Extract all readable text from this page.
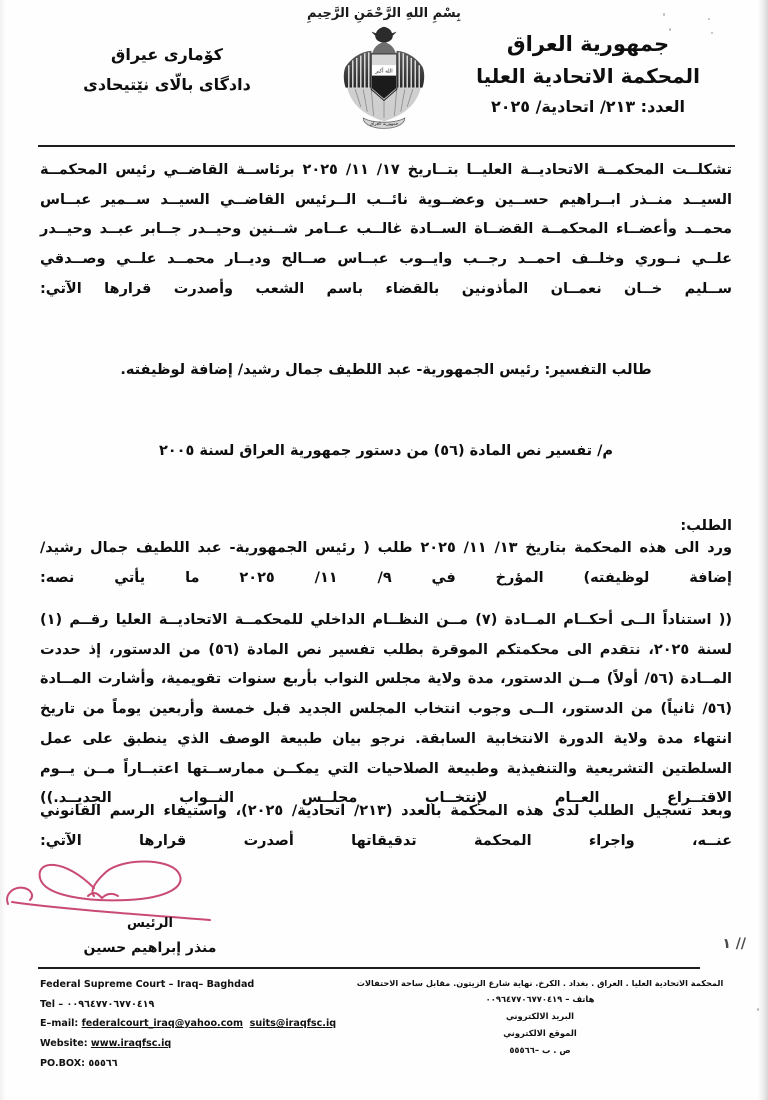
بِسْمِ اللهِ الرَّحْمَنِ الرَّحِيمِ
الله أكبر
جمهورية العراق
جمهورية العراق
المحكمة الاتحادية العليا
العدد: ٢١٣/ اتحادية/ ٢٠٢٥
كۆماری عیراق
دادگای بالّای نێتیحادی

تشكلــت المحكمــة الاتحاديــة العليــا بتــاريخ ١٧/ ١١/ ٢٠٢٥ برئاســة القاضــي رئيس المحكمــة السيــد منــذر ابــراهيم حســين وعضــوية نائــب الــرئيس القاضــي السيــد ســمير عبــاس محمــد وأعضــاء المحكمــة القضــاة الســادة غالــب عــامر شــنين وحيــدر جــابر عبــد وحيــدر علــي نــوري وخلــف احمــد رجــب وايــوب عبــاس صــالح وديــار محمــد علــي وصــدقي ســليم خــان نعمــان المأذونين بالقضاء باسم الشعب وأصدرت قرارها الآتي:

طالب التفسير: رئيس الجمهورية- عبد اللطيف جمال رشيد/ إضافة لوظيفته.
م/ تفسير نص المادة (٥٦) من دستور جمهورية العراق لسنة ٢٠٠٥
الطلب:

ورد الى هذه المحكمة بتاريخ ١٣/ ١١/ ٢٠٢٥ طلب ( رئيس الجمهورية- عبد اللطيف جمال رشيد/ إضافة لوظيفته) المؤرخ في ٩/ ١١/ ٢٠٢٥ ما يأتي نصه:

(( استناداً الــى أحكــام المــادة (٧) مــن النظــام الداخلي للمحكمــة الاتحاديــة العليا رقــم (١) لسنة ٢٠٢٥، نتقدم الى محكمتكم الموقرة بطلب تفسير نص المادة (٥٦) من الدستور، إذ حددت المــادة (٥٦/ أولاً) مــن الدستور، مدة ولاية مجلس النواب بأربع سنوات تقويمية، وأشارت المــادة (٥٦/ ثانياً) من الدستور، الــى وجوب انتخاب المجلس الجديد قبل خمسة وأربعين يوماً من تاريخ انتهاء مدة ولاية الدورة الانتخابية السابقة. نرجو بيان طبيعة الوصف الذي ينطبق على عمل السلطتين التشريعية والتنفيذية وطبيعة الصلاحيات التي يمكــن ممارســتها اعتبــاراً مــن يــوم الاقتــراع العــام لإنتخــاب مجلــس النــواب الجديــد.))

وبعد تسجيل الطلب لدى هذه المحكمة بالعدد (٢١٣/ اتحادية/ ٢٠٢٥)، واستيفاء الرسم القانوني عنــه، واجراء المحكمة تدقيقاتها أصدرت قرارها الآتي:

الرئيس
منذر إبراهيم حسين	// ١
Federal Supreme Court – Iraq– Baghdad
Tel – ٠٠٩٦٤٧٧٠٦٧٧٠٤١٩
E–mail: federalcourt_iraq@yahoo.com suits@iraqfsc.iq
Website: www.iraqfsc.iq
PO.BOX: ٥٥٥٦٦
المحكمة الاتحادية العليا . العراق . بغداد . الكرخ. نهاية شارع الزيتون. مقابل ساحة الاحتفالات
هاتف – ٠٠٩٦٤٧٧٠٦٧٧٠٤١٩
البريد الالكتروني
الموقع الالكتروني
ص . ب –٥٥٥٦٦
